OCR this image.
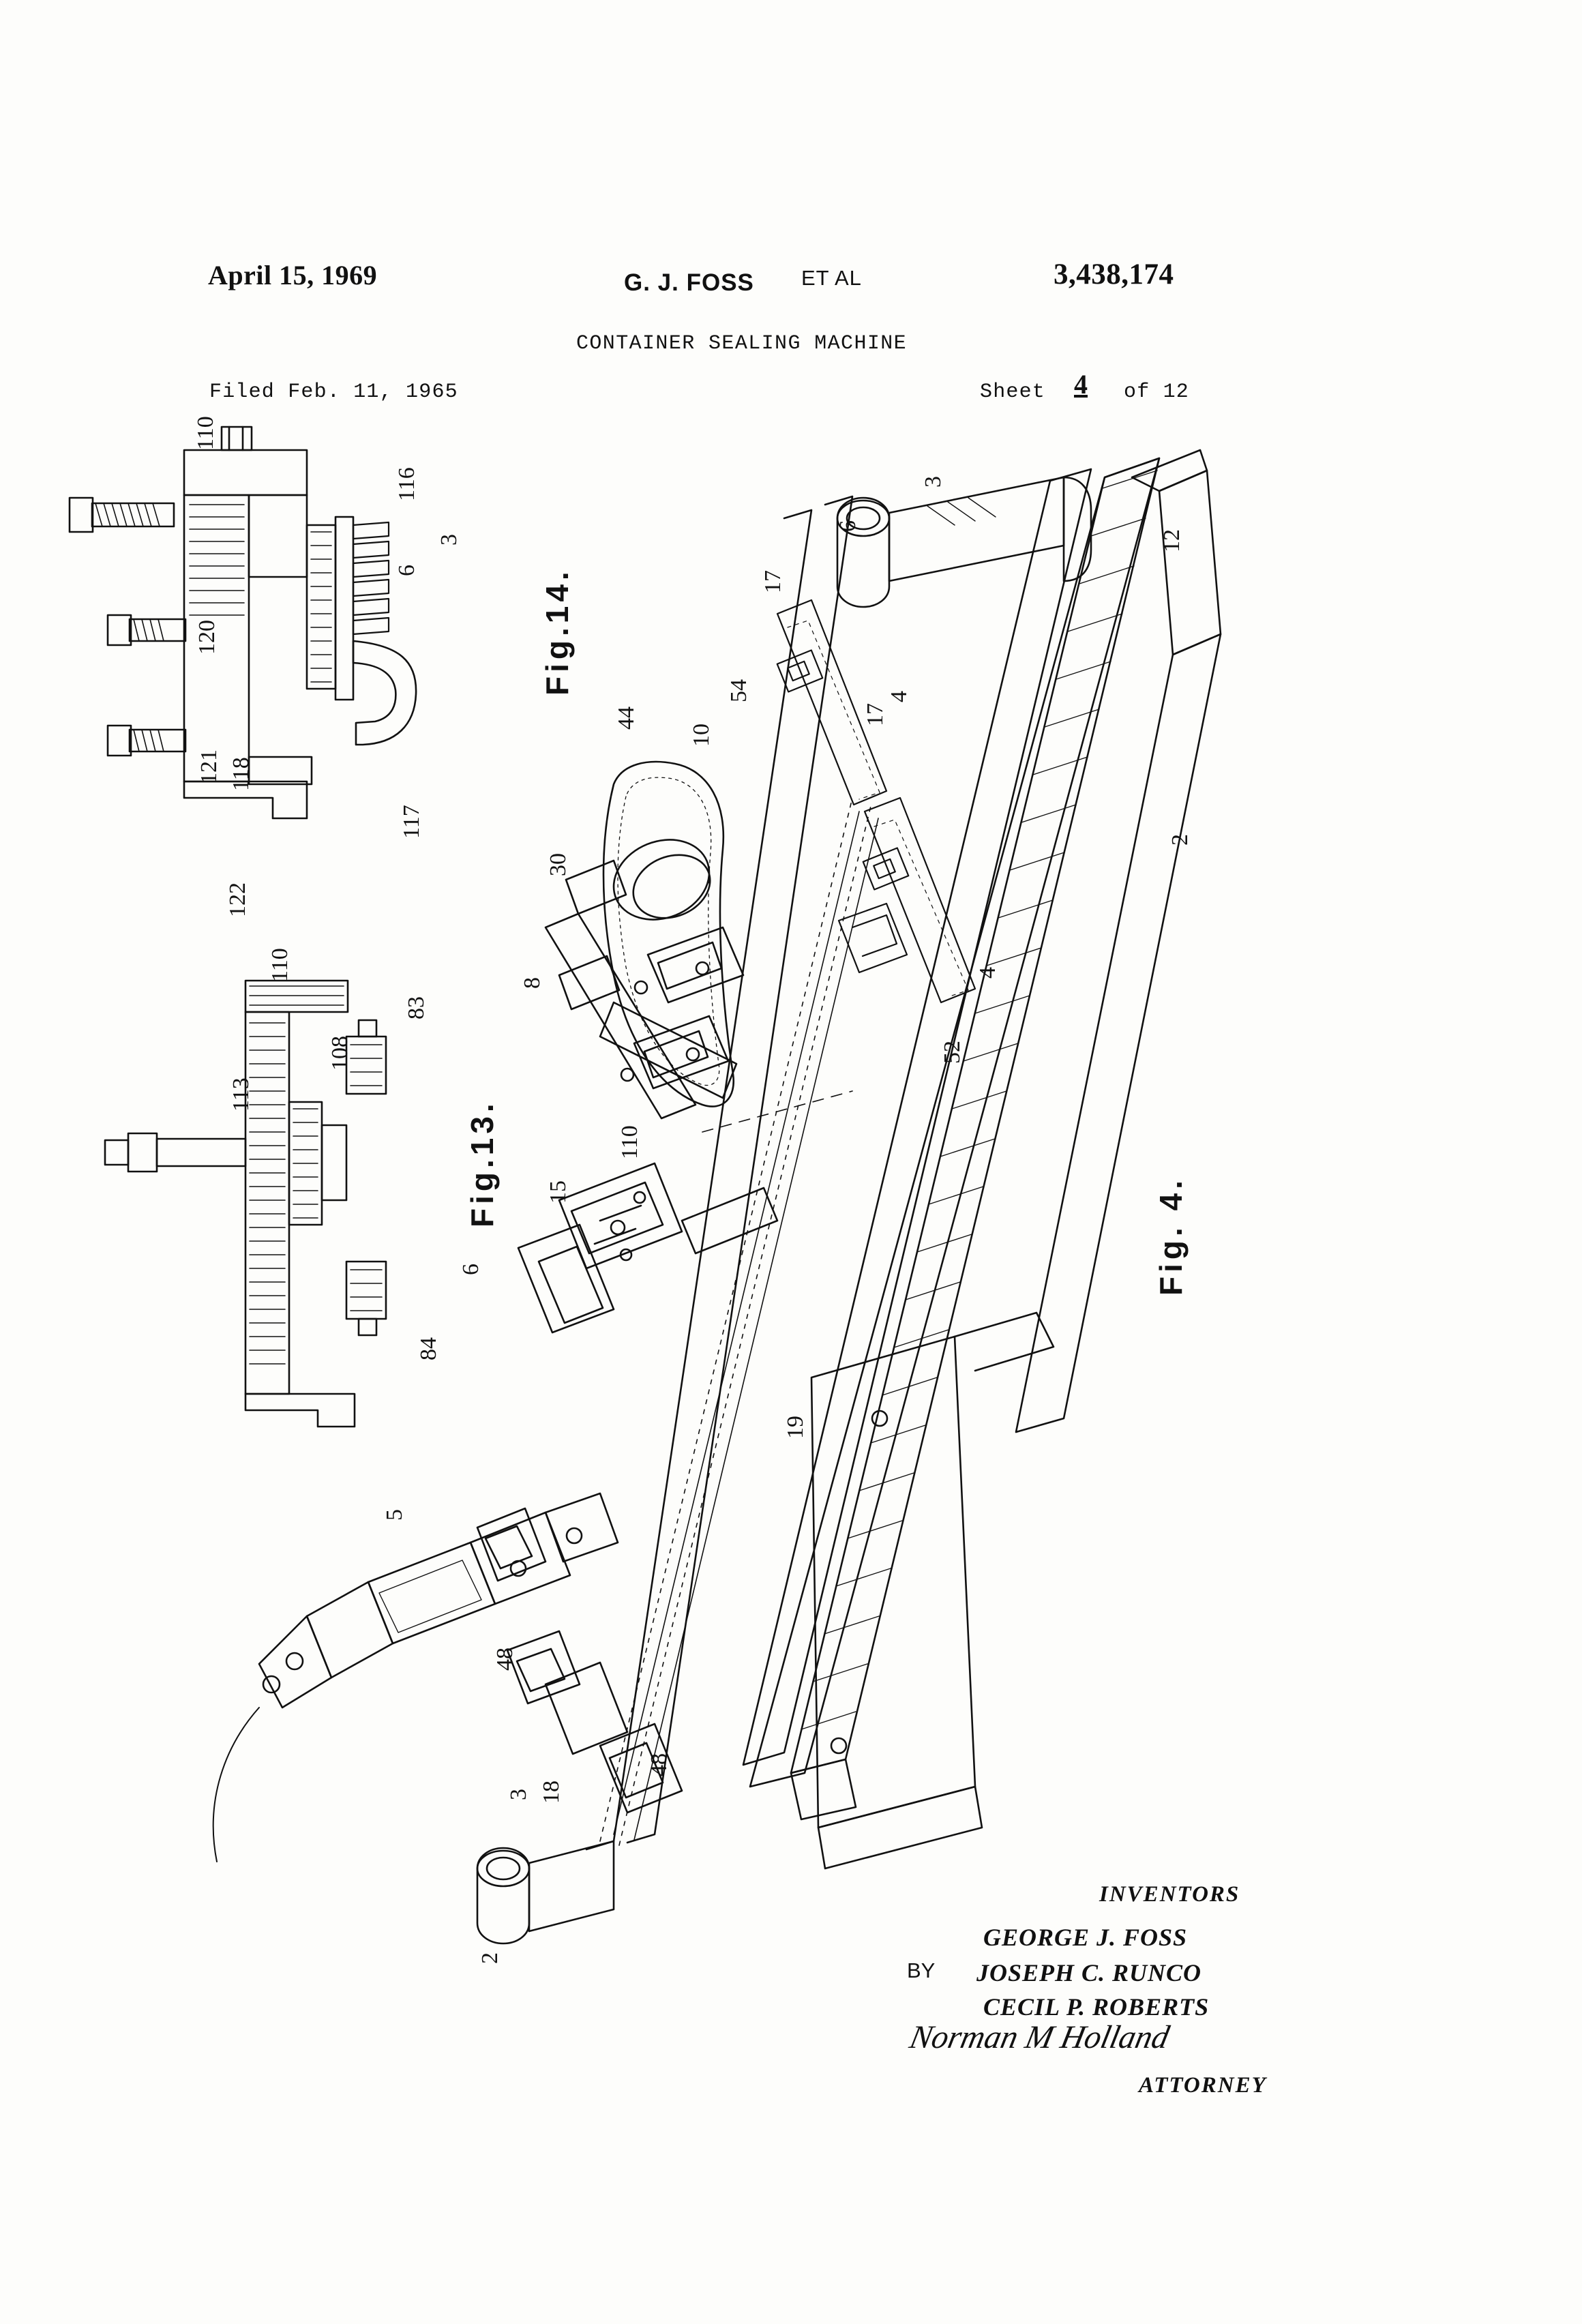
April 15, 1969	G. J. FOSS ET AL	3,438,174
CONTAINER SEALING MACHINE
Filed Feb. 11, 1965	Sheet 4 of 12
Fig.14.
Fig.13.
Fig. 4.
110
116
6
3
120
118
121
122
117
110
83
108
113
6
84
5
48
48
18
3
2
19
44
30
8
10
54
17
17
4
6
3
12
2
52
4
110
15
INVENTORS
BY
GEORGE J. FOSS
JOSEPH C. RUNCO
CECIL P. ROBERTS
Norman M Holland
ATTORNEY
